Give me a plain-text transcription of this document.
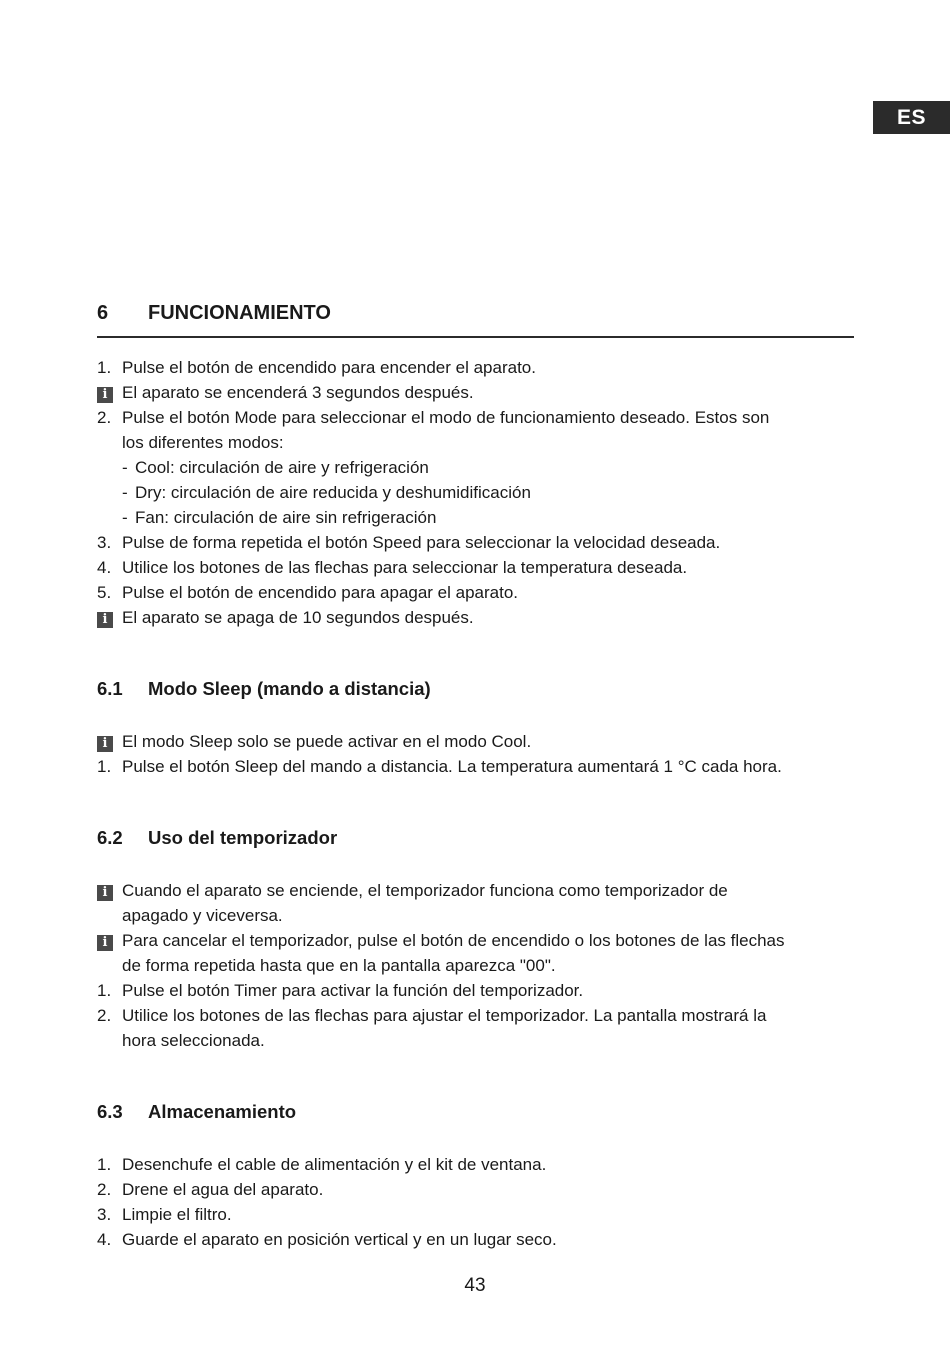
ES
6 FUNCIONAMIENTO
1. Pulse el botón de encendido para encender el aparato.
i El aparato se encenderá 3 segundos después.
2. Pulse el botón Mode para seleccionar el modo de funcionamiento deseado. Estos son
los diferentes modos:
- Cool: circulación de aire y refrigeración
- Dry: circulación de aire reducida y deshumidificación
- Fan: circulación de aire sin refrigeración
3. Pulse de forma repetida el botón Speed para seleccionar la velocidad deseada.
4. Utilice los botones de las flechas para seleccionar la temperatura deseada.
5. Pulse el botón de encendido para apagar el aparato.
i El aparato se apaga de 10 segundos después.
6.1 Modo Sleep (mando a distancia)
i El modo Sleep solo se puede activar en el modo Cool.
1. Pulse el botón Sleep del mando a distancia. La temperatura aumentará 1 °C cada hora.
6.2 Uso del temporizador
i Cuando el aparato se enciende, el temporizador funciona como temporizador de
apagado y viceversa.
i Para cancelar el temporizador, pulse el botón de encendido o los botones de las flechas
de forma repetida hasta que en la pantalla aparezca "00".
1. Pulse el botón Timer para activar la función del temporizador.
2. Utilice los botones de las flechas para ajustar el temporizador. La pantalla mostrará la
hora seleccionada.
6.3 Almacenamiento
1. Desenchufe el cable de alimentación y el kit de ventana.
2. Drene el agua del aparato.
3. Limpie el filtro.
4. Guarde el aparato en posición vertical y en un lugar seco.
43
